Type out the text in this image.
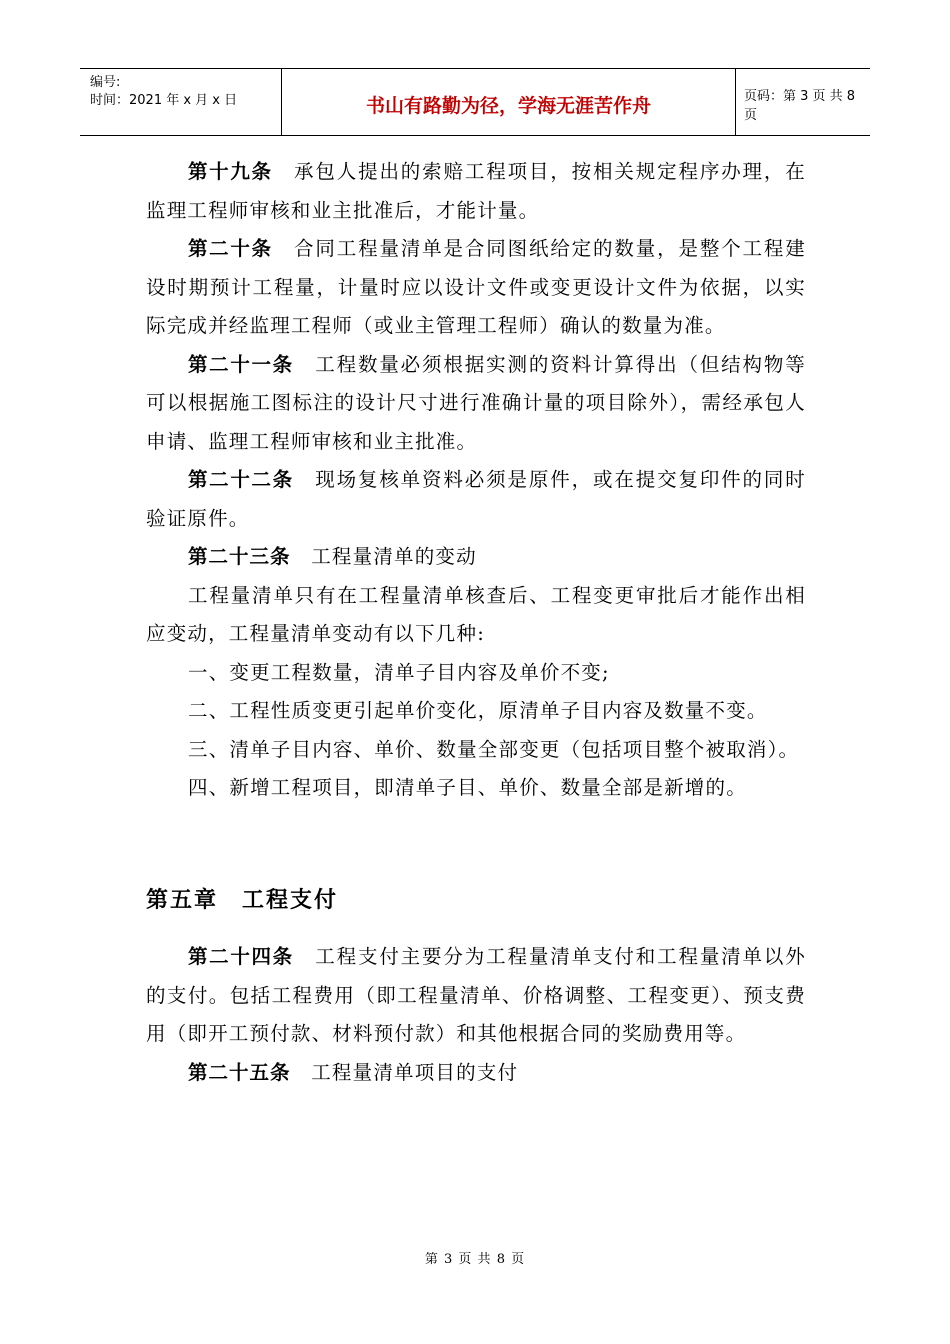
编号:
时间：2021 年 x 月 x 日	书山有路勤为径，学海无涯苦作舟	页码：第 3 页 共 8 页

第十九条  承包人提出的索赔工程项目，按相关规定程序办理，在监理工程师审核和业主批准后，才能计量。

第二十条  合同工程量清单是合同图纸给定的数量，是整个工程建设时期预计工程量，计量时应以设计文件或变更设计文件为依据，以实际完成并经监理工程师（或业主管理工程师）确认的数量为准。

第二十一条  工程数量必须根据实测的资料计算得出（但结构物等可以根据施工图标注的设计尺寸进行准确计量的项目除外），需经承包人申请、监理工程师审核和业主批准。

第二十二条  现场复核单资料必须是原件，或在提交复印件的同时验证原件。

第二十三条  工程量清单的变动

工程量清单只有在工程量清单核查后、工程变更审批后才能作出相应变动，工程量清单变动有以下几种:

一、变更工程数量，清单子目内容及单价不变;

二、工程性质变更引起单价变化，原清单子目内容及数量不变。

三、清单子目内容、单价、数量全部变更（包括项目整个被取消）。

四、新增工程项目，即清单子目、单价、数量全部是新增的。

第五章　工程支付

第二十四条  工程支付主要分为工程量清单支付和工程量清单以外的支付。包括工程费用（即工程量清单、价格调整、工程变更）、预支费用（即开工预付款、材料预付款）和其他根据合同的奖励费用等。

第二十五条  工程量清单项目的支付

第 3 页 共 8 页
